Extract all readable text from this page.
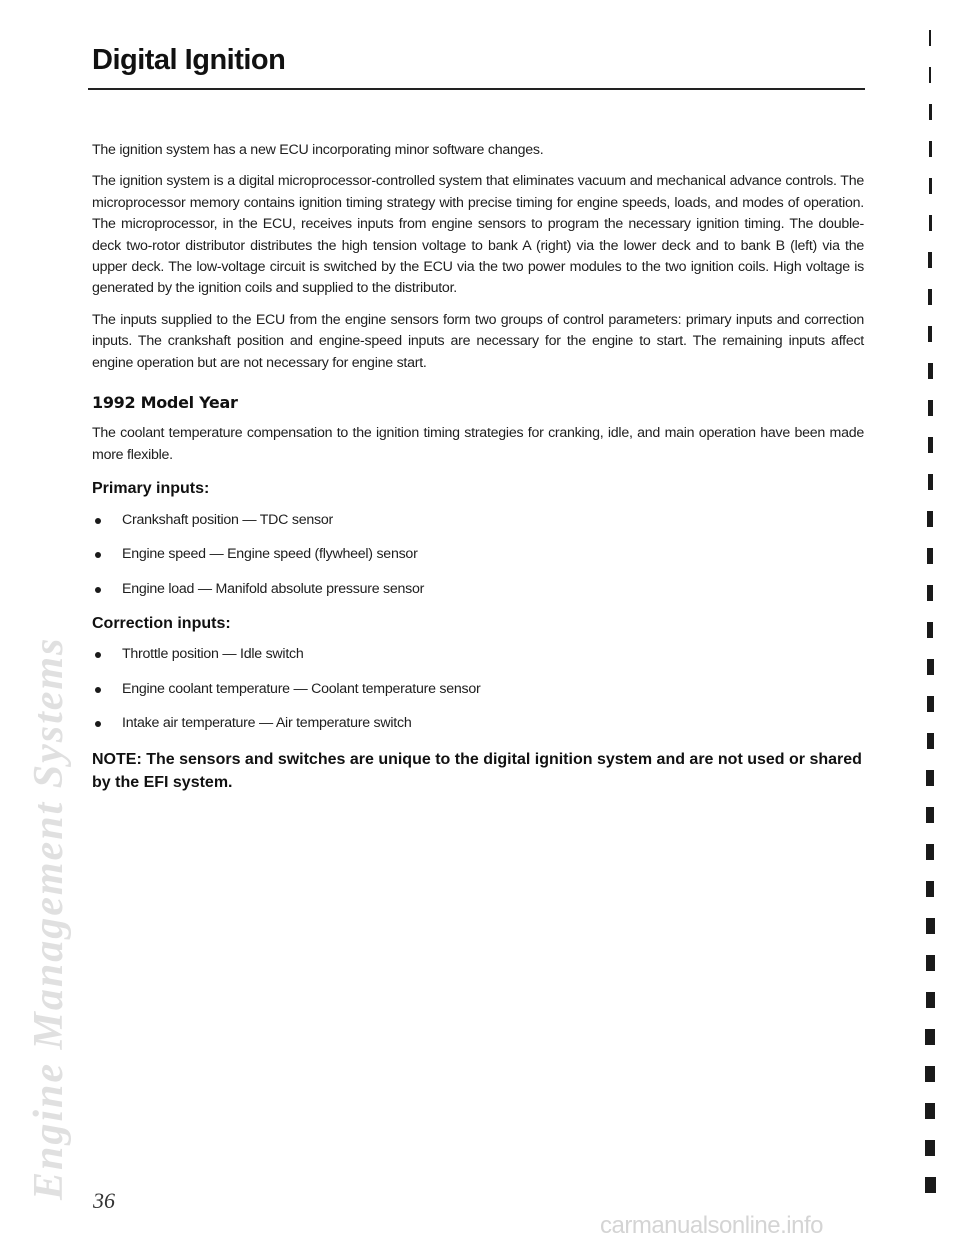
Digital Ignition
Engine Management Systems

The ignition system has a new ECU incorporating minor software changes.

The ignition system is a digital microprocessor-controlled system that eliminates vacuum and mechanical advance controls. The microprocessor memory contains ignition timing strategy with precise timing for engine speeds, loads, and modes of operation. The microprocessor, in the ECU, receives inputs from engine sensors to program the necessary ignition timing. The double-deck two-rotor distributor distributes the high tension voltage to bank A (right) via the lower deck and to bank B (left) via the upper deck. The low-voltage circuit is switched by the ECU via the two power modules to the two ignition coils. High voltage is generated by the ignition coils and supplied to the distributor.

The inputs supplied to the ECU from the engine sensors form two groups of control parameters: primary inputs and correction inputs. The crankshaft position and engine-speed inputs are necessary for the engine to start. The remaining inputs affect engine operation but are not necessary for engine start.

1992 Model Year

The coolant temperature compensation to the ignition timing strategies for cranking, idle, and main operation have been made more flexible.

Primary inputs:
Crankshaft position — TDC sensor
Engine speed — Engine speed (flywheel) sensor
Engine load — Manifold absolute pressure sensor
Correction inputs:
Throttle position — Idle switch
Engine coolant temperature — Coolant temperature sensor
Intake air temperature — Air temperature switch
NOTE: The sensors and switches are unique to the digital ignition system and are not used or shared by the EFI system.
36
carmanualsonline.info
